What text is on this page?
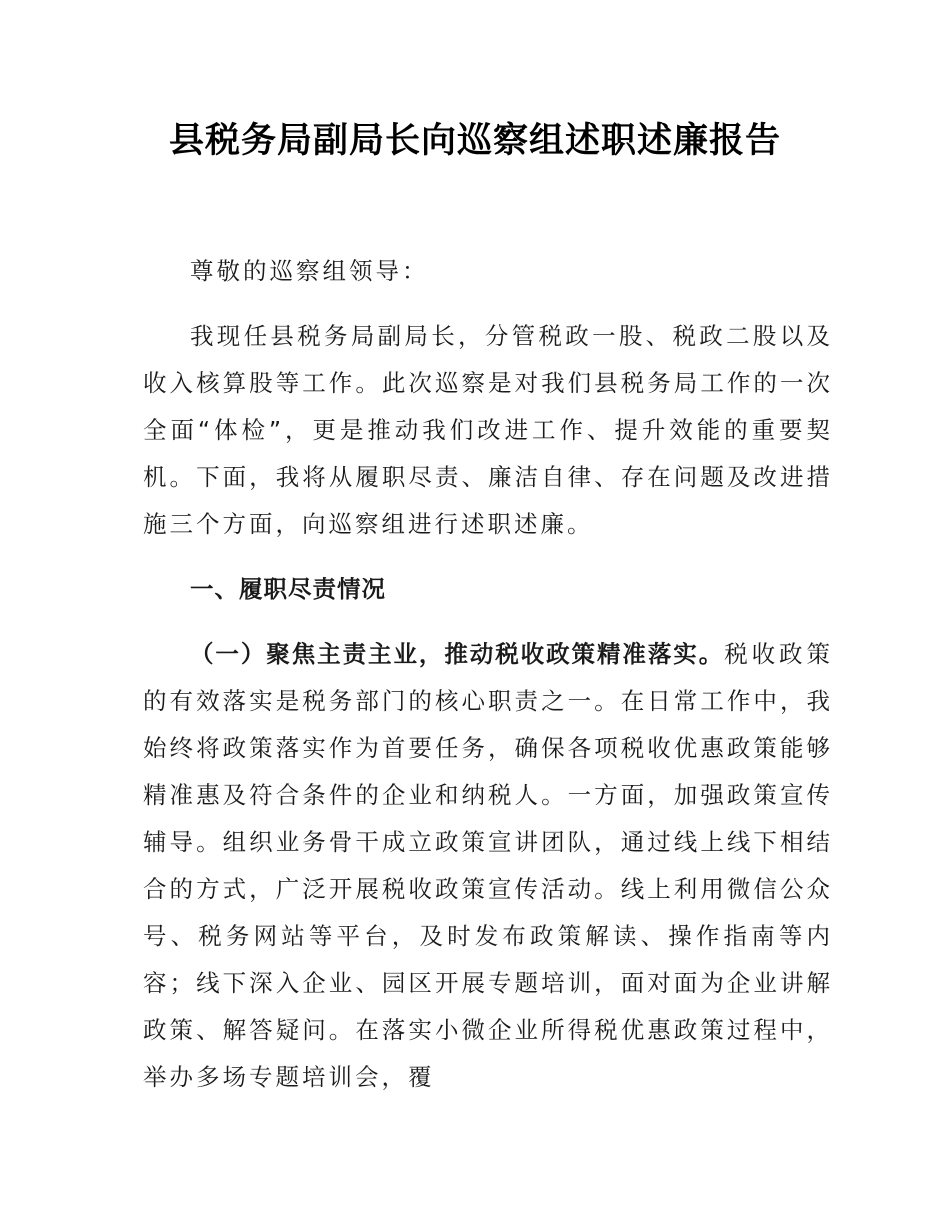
县税务局副局长向巡察组述职述廉报告

尊敬的巡察组领导：

我现任县税务局副局长，分管税政一股、税政二股以及收入核算股等工作。此次巡察是对我们县税务局工作的一次全面“体检”，更是推动我们改进工作、提升效能的重要契机。下面，我将从履职尽责、廉洁自律、存在问题及改进措施三个方面，向巡察组进行述职述廉。

一、履职尽责情况

（一）聚焦主责主业，推动税收政策精准落实。税收政策的有效落实是税务部门的核心职责之一。在日常工作中，我始终将政策落实作为首要任务，确保各项税收优惠政策能够精准惠及符合条件的企业和纳税人。一方面，加强政策宣传辅导。组织业务骨干成立政策宣讲团队，通过线上线下相结合的方式，广泛开展税收政策宣传活动。线上利用微信公众号、税务网站等平台，及时发布政策解读、操作指南等内容；线下深入企业、园区开展专题培训，面对面为企业讲解政策、解答疑问。在落实小微企业所得税优惠政策过程中，举办多场专题培训会，覆
